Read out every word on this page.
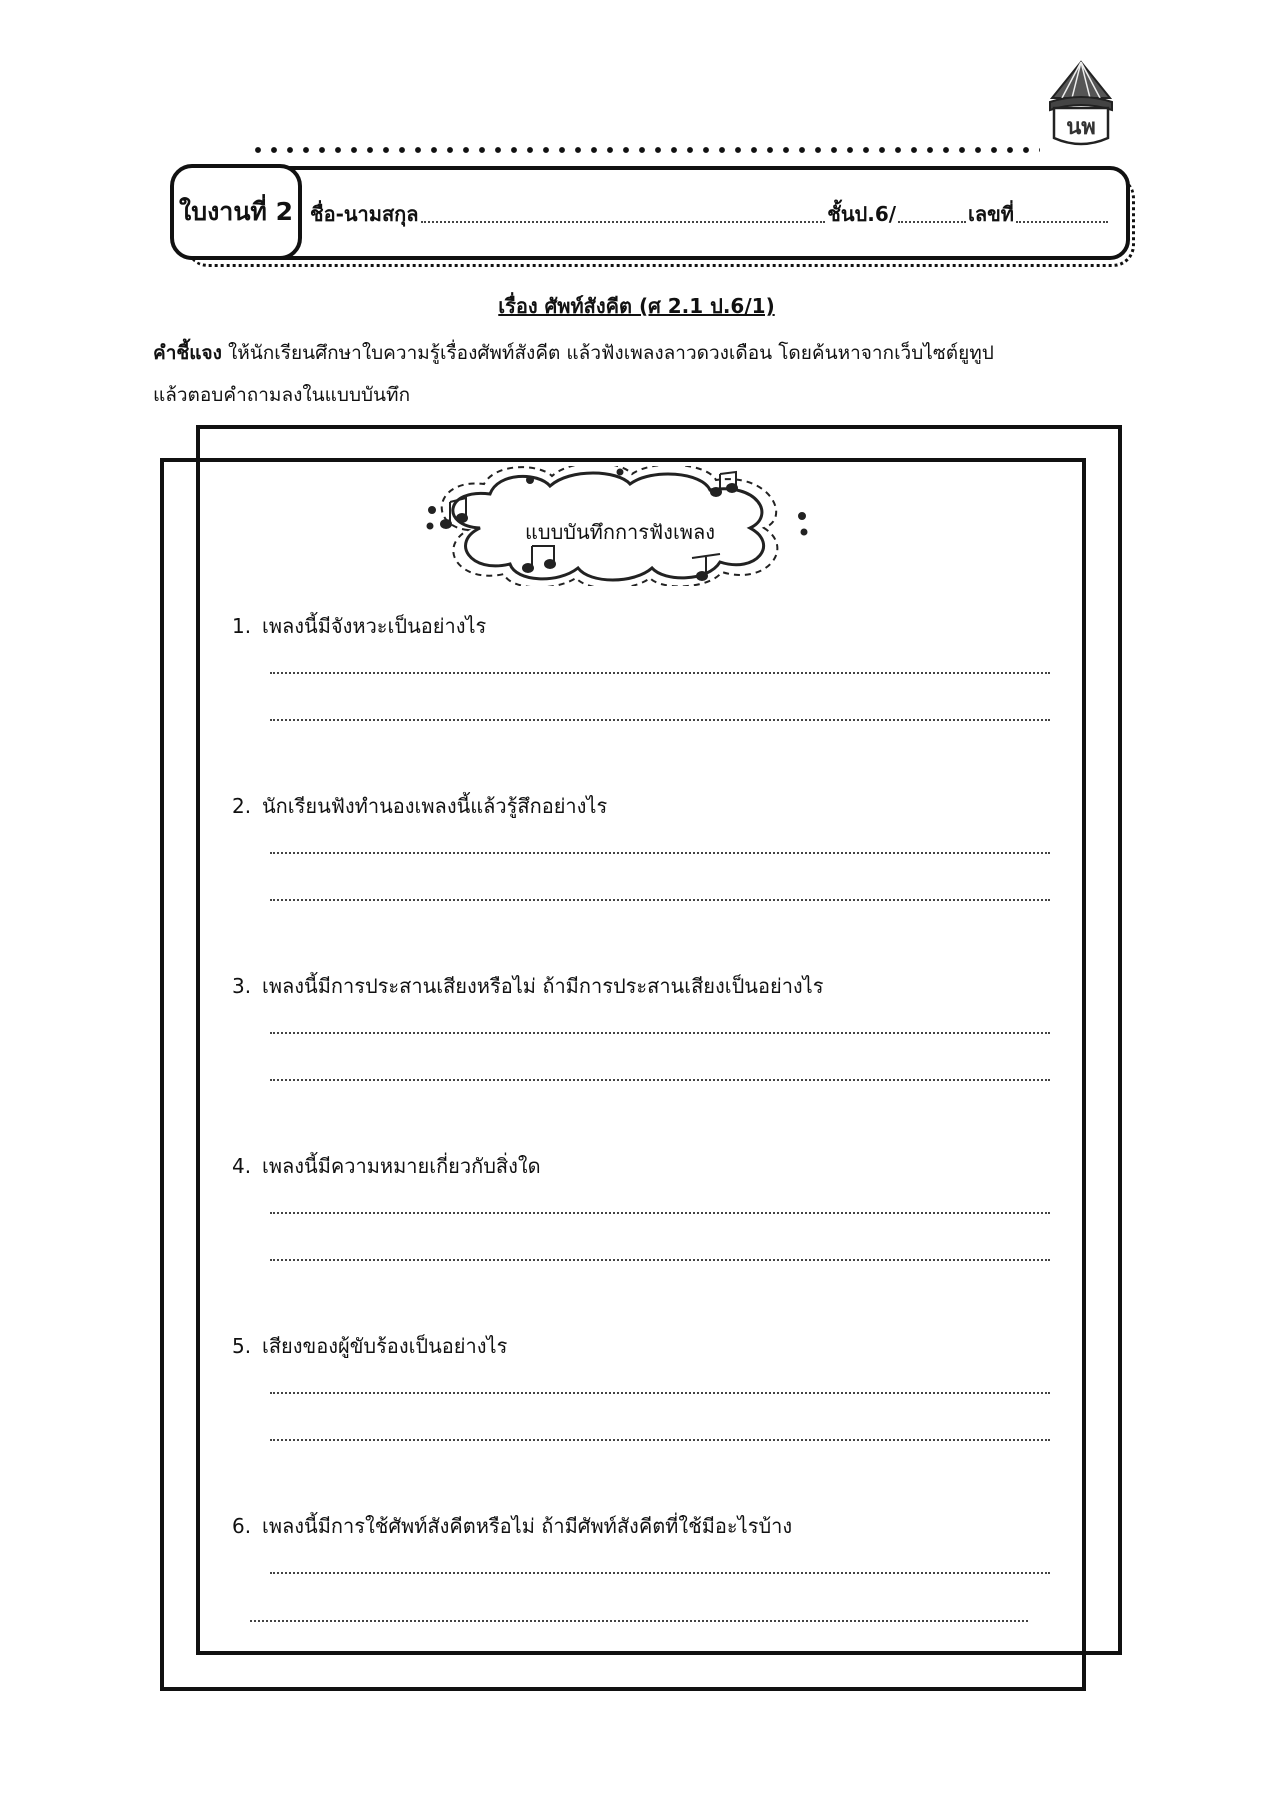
นพ
ใบงานที่ 2 ชื่อ-นามสกุล	ชั้นป.6/	เลขที่
เรื่อง ศัพท์สังคีต (ศ 2.1 ป.6/1)
คำชี้แจง ให้นักเรียนศึกษาใบความรู้เรื่องศัพท์สังคีต แล้วฟังเพลงลาวดวงเดือน โดยค้นหาจากเว็บไซต์ยูทูป
แล้วตอบคำถามลงในแบบบันทึก
แบบบันทึกการฟังเพลง
1. เพลงนี้มีจังหวะเป็นอย่างไร
2. นักเรียนฟังทำนองเพลงนี้แล้วรู้สึกอย่างไร
3. เพลงนี้มีการประสานเสียงหรือไม่ ถ้ามีการประสานเสียงเป็นอย่างไร
4. เพลงนี้มีความหมายเกี่ยวกับสิ่งใด
5. เสียงของผู้ขับร้องเป็นอย่างไร
6. เพลงนี้มีการใช้ศัพท์สังคีตหรือไม่ ถ้ามีศัพท์สังคีตที่ใช้มีอะไรบ้าง
